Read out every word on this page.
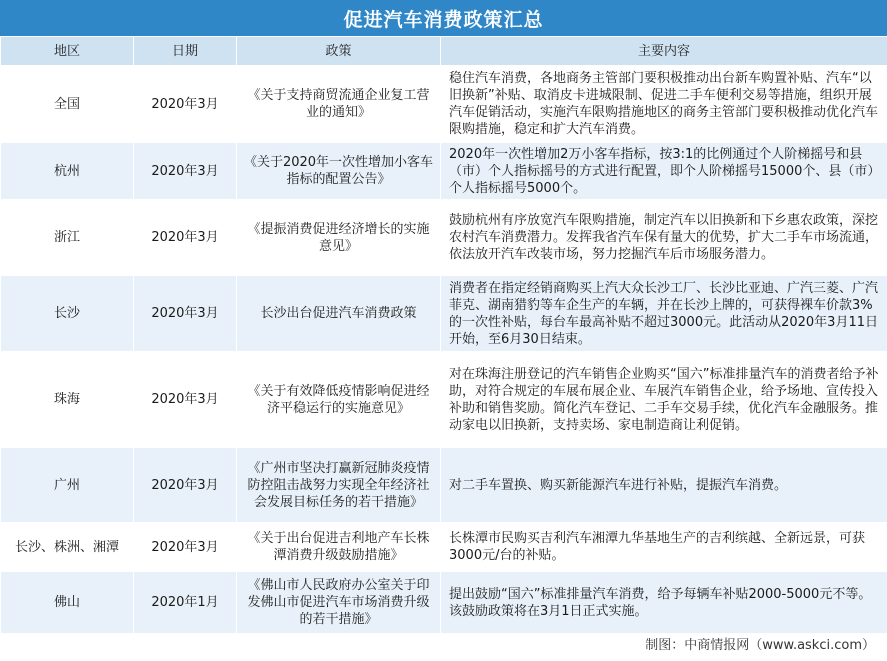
促进汽车消费政策汇总
地区	日期	政策	主要内容
全国	2020年3月	《关于支持商贸流通企业复工营业的通知》	稳住汽车消费，各地商务主管部门要积极推动出台新车购置补贴、汽车“以旧换新”补贴、取消皮卡进城限制、促进二手车便利交易等措施，组织开展汽车促销活动，实施汽车限购措施地区的商务主管部门要积极推动优化汽车限购措施，稳定和扩大汽车消费。
杭州	2020年3月	《关于2020年一次性增加小客车指标的配置公告》	2020年一次性增加2万小客车指标，按3:1的比例通过个人阶梯摇号和县（市）个人指标摇号的方式进行配置，即个人阶梯摇号15000个、县（市）个人指标摇号5000个。
浙江	2020年3月	《提振消费促进经济增长的实施意见》	鼓励杭州有序放宽汽车限购措施，制定汽车以旧换新和下乡惠农政策，深挖农村汽车消费潜力。发挥我省汽车保有量大的优势，扩大二手车市场流通，依法放开汽车改装市场，努力挖掘汽车后市场服务潜力。
长沙	2020年3月	长沙出台促进汽车消费政策	消费者在指定经销商购买上汽大众长沙工厂、长沙比亚迪、广汽三菱、广汽菲克、湖南猎豹等车企生产的车辆，并在长沙上牌的，可获得裸车价款3%的一次性补贴，每台车最高补贴不超过3000元。此活动从2020年3月11日开始，至6月30日结束。
珠海	2020年3月	《关于有效降低疫情影响促进经济平稳运行的实施意见》	对在珠海注册登记的汽车销售企业购买“国六”标准排量汽车的消费者给予补助，对符合规定的车展布展企业、车展汽车销售企业，给予场地、宣传投入补助和销售奖励。简化汽车登记、二手车交易手续，优化汽车金融服务。推动家电以旧换新，支持卖场、家电制造商让利促销。
广州	2020年3月	《广州市坚决打赢新冠肺炎疫情防控阻击战努力实现全年经济社会发展目标任务的若干措施》	对二手车置换、购买新能源汽车进行补贴，提振汽车消费。
长沙、株洲、湘潭	2020年3月	《关于出台促进吉利地产车长株潭消费升级鼓励措施》	长株潭市民购买吉利汽车湘潭九华基地生产的吉利缤越、全新远景，可获3000元/台的补贴。
佛山	2020年1月	《佛山市人民政府办公室关于印发佛山市促进汽车市场消费升级的若干措施》	提出鼓励“国六”标准排量汽车消费，给予每辆车补贴2000-5000元不等。该鼓励政策将在3月1日正式实施。
制图：中商情报网（www.askci.com）
